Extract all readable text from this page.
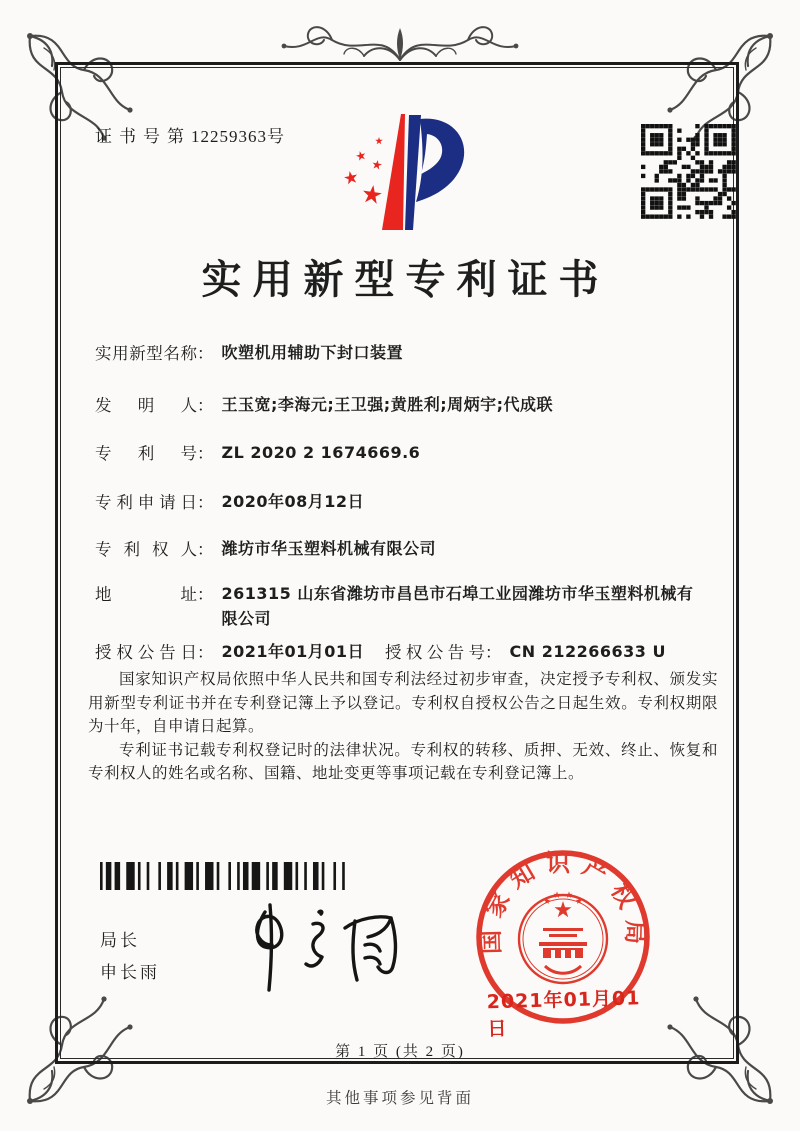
证书号第12259363号
实用新型专利证书
实用新型名称 ： 吹塑机用辅助下封口装置
发明人 ： 王玉宽;李海元;王卫强;黄胜利;周炳宇;代成联
专利号 ： ZL 2020 2 1674669.6
专利申请日 ： 2020年08月12日
专利权人 ： 潍坊市华玉塑料机械有限公司
地址 ： 261315 山东省潍坊市昌邑市石埠工业园潍坊市华玉塑料机械有限公司
授权公告日 ： 2021年01月01日 授权公告号 ： CN 212266633 U

国家知识产权局依照中华人民共和国专利法经过初步审查，决定授予专利权、颁发实用新型专利证书并在专利登记簿上予以登记。专利权自授权公告之日起生效。专利权期限为十年，自申请日起算。

专利证书记载专利权登记时的法律状况。专利权的转移、质押、无效、终止、恢复和专利权人的姓名或名称、国籍、地址变更等事项记载在专利登记簿上。

局长
申长雨
国家知识产权局
2021年01月01日
第 1 页 (共 2 页)
其他事项参见背面
